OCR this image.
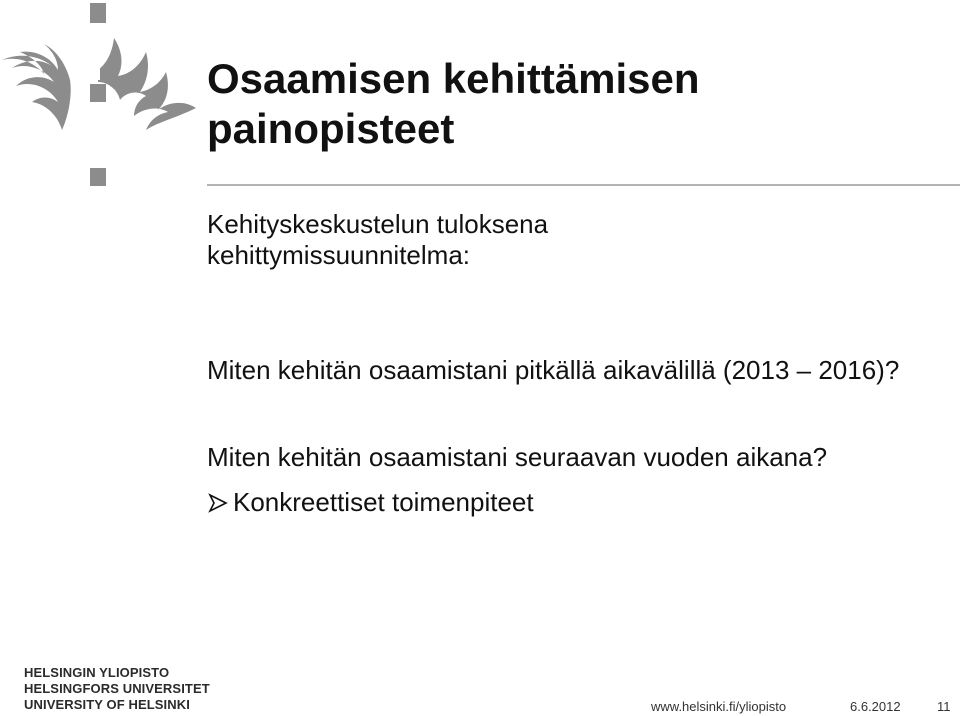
Osaamisen kehittämisen
painopisteet
Kehityskeskustelun tuloksena
kehittymissuunnitelma:
Miten kehitän osaamistani pitkällä aikavälillä (2013 – 2016)?
Miten kehitän osaamistani seuraavan vuoden aikana?
Konkreettiset toimenpiteet
HELSINGIN YLIOPISTO
HELSINGFORS UNIVERSITET
UNIVERSITY OF HELSINKI	www.helsinki.fi/yliopisto	6.6.2012	11
